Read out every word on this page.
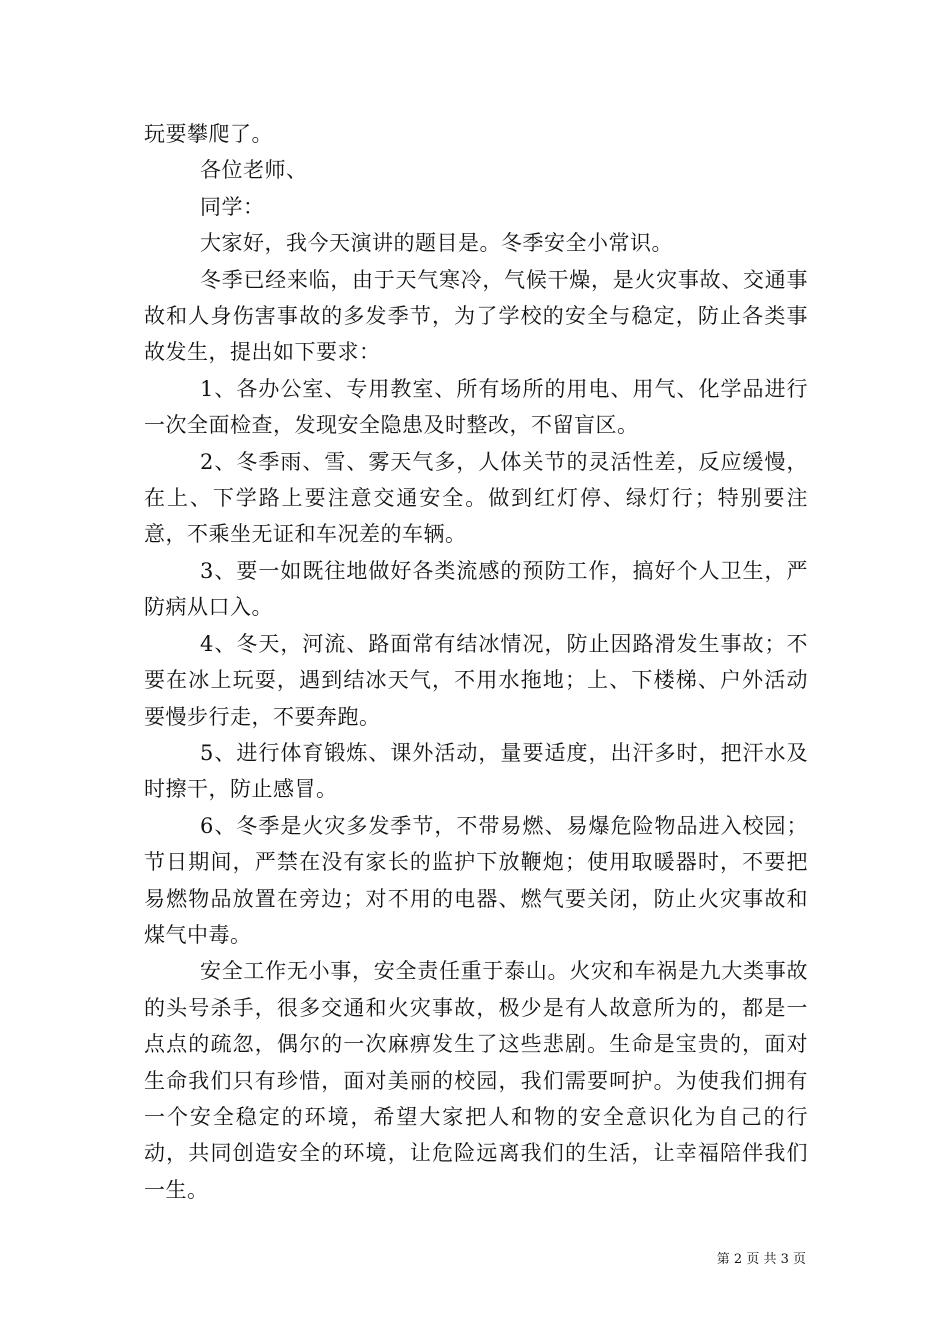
玩要攀爬了。

各位老师、

同学：

大家好，我今天演讲的题目是。冬季安全小常识。

冬季已经来临，由于天气寒冷，气候干燥，是火灾事故、交通事故和人身伤害事故的多发季节，为了学校的安全与稳定，防止各类事故发生，提出如下要求：

1、各办公室、专用教室、所有场所的用电、用气、化学品进行一次全面检查，发现安全隐患及时整改，不留盲区。

2、冬季雨、雪、雾天气多，人体关节的灵活性差，反应缓慢，在上、下学路上要注意交通安全。做到红灯停、绿灯行；特别要注意，不乘坐无证和车况差的车辆。

3、要一如既往地做好各类流感的预防工作，搞好个人卫生，严防病从口入。

4、冬天，河流、路面常有结冰情况，防止因路滑发生事故；不要在冰上玩耍，遇到结冰天气，不用水拖地；上、下楼梯、户外活动要慢步行走，不要奔跑。

5、进行体育锻炼、课外活动，量要适度，出汗多时，把汗水及时擦干，防止感冒。

6、冬季是火灾多发季节，不带易燃、易爆危险物品进入校园；节日期间，严禁在没有家长的监护下放鞭炮；使用取暖器时，不要把易燃物品放置在旁边；对不用的电器、燃气要关闭，防止火灾事故和煤气中毒。

安全工作无小事，安全责任重于泰山。火灾和车祸是九大类事故的头号杀手，很多交通和火灾事故，极少是有人故意所为的，都是一点点的疏忽，偶尔的一次麻痹发生了这些悲剧。生命是宝贵的，面对生命我们只有珍惜，面对美丽的校园，我们需要呵护。为使我们拥有一个安全稳定的环境，希望大家把人和物的安全意识化为自己的行动，共同创造安全的环境，让危险远离我们的生活，让幸福陪伴我们一生。

第 2 页 共 3 页
